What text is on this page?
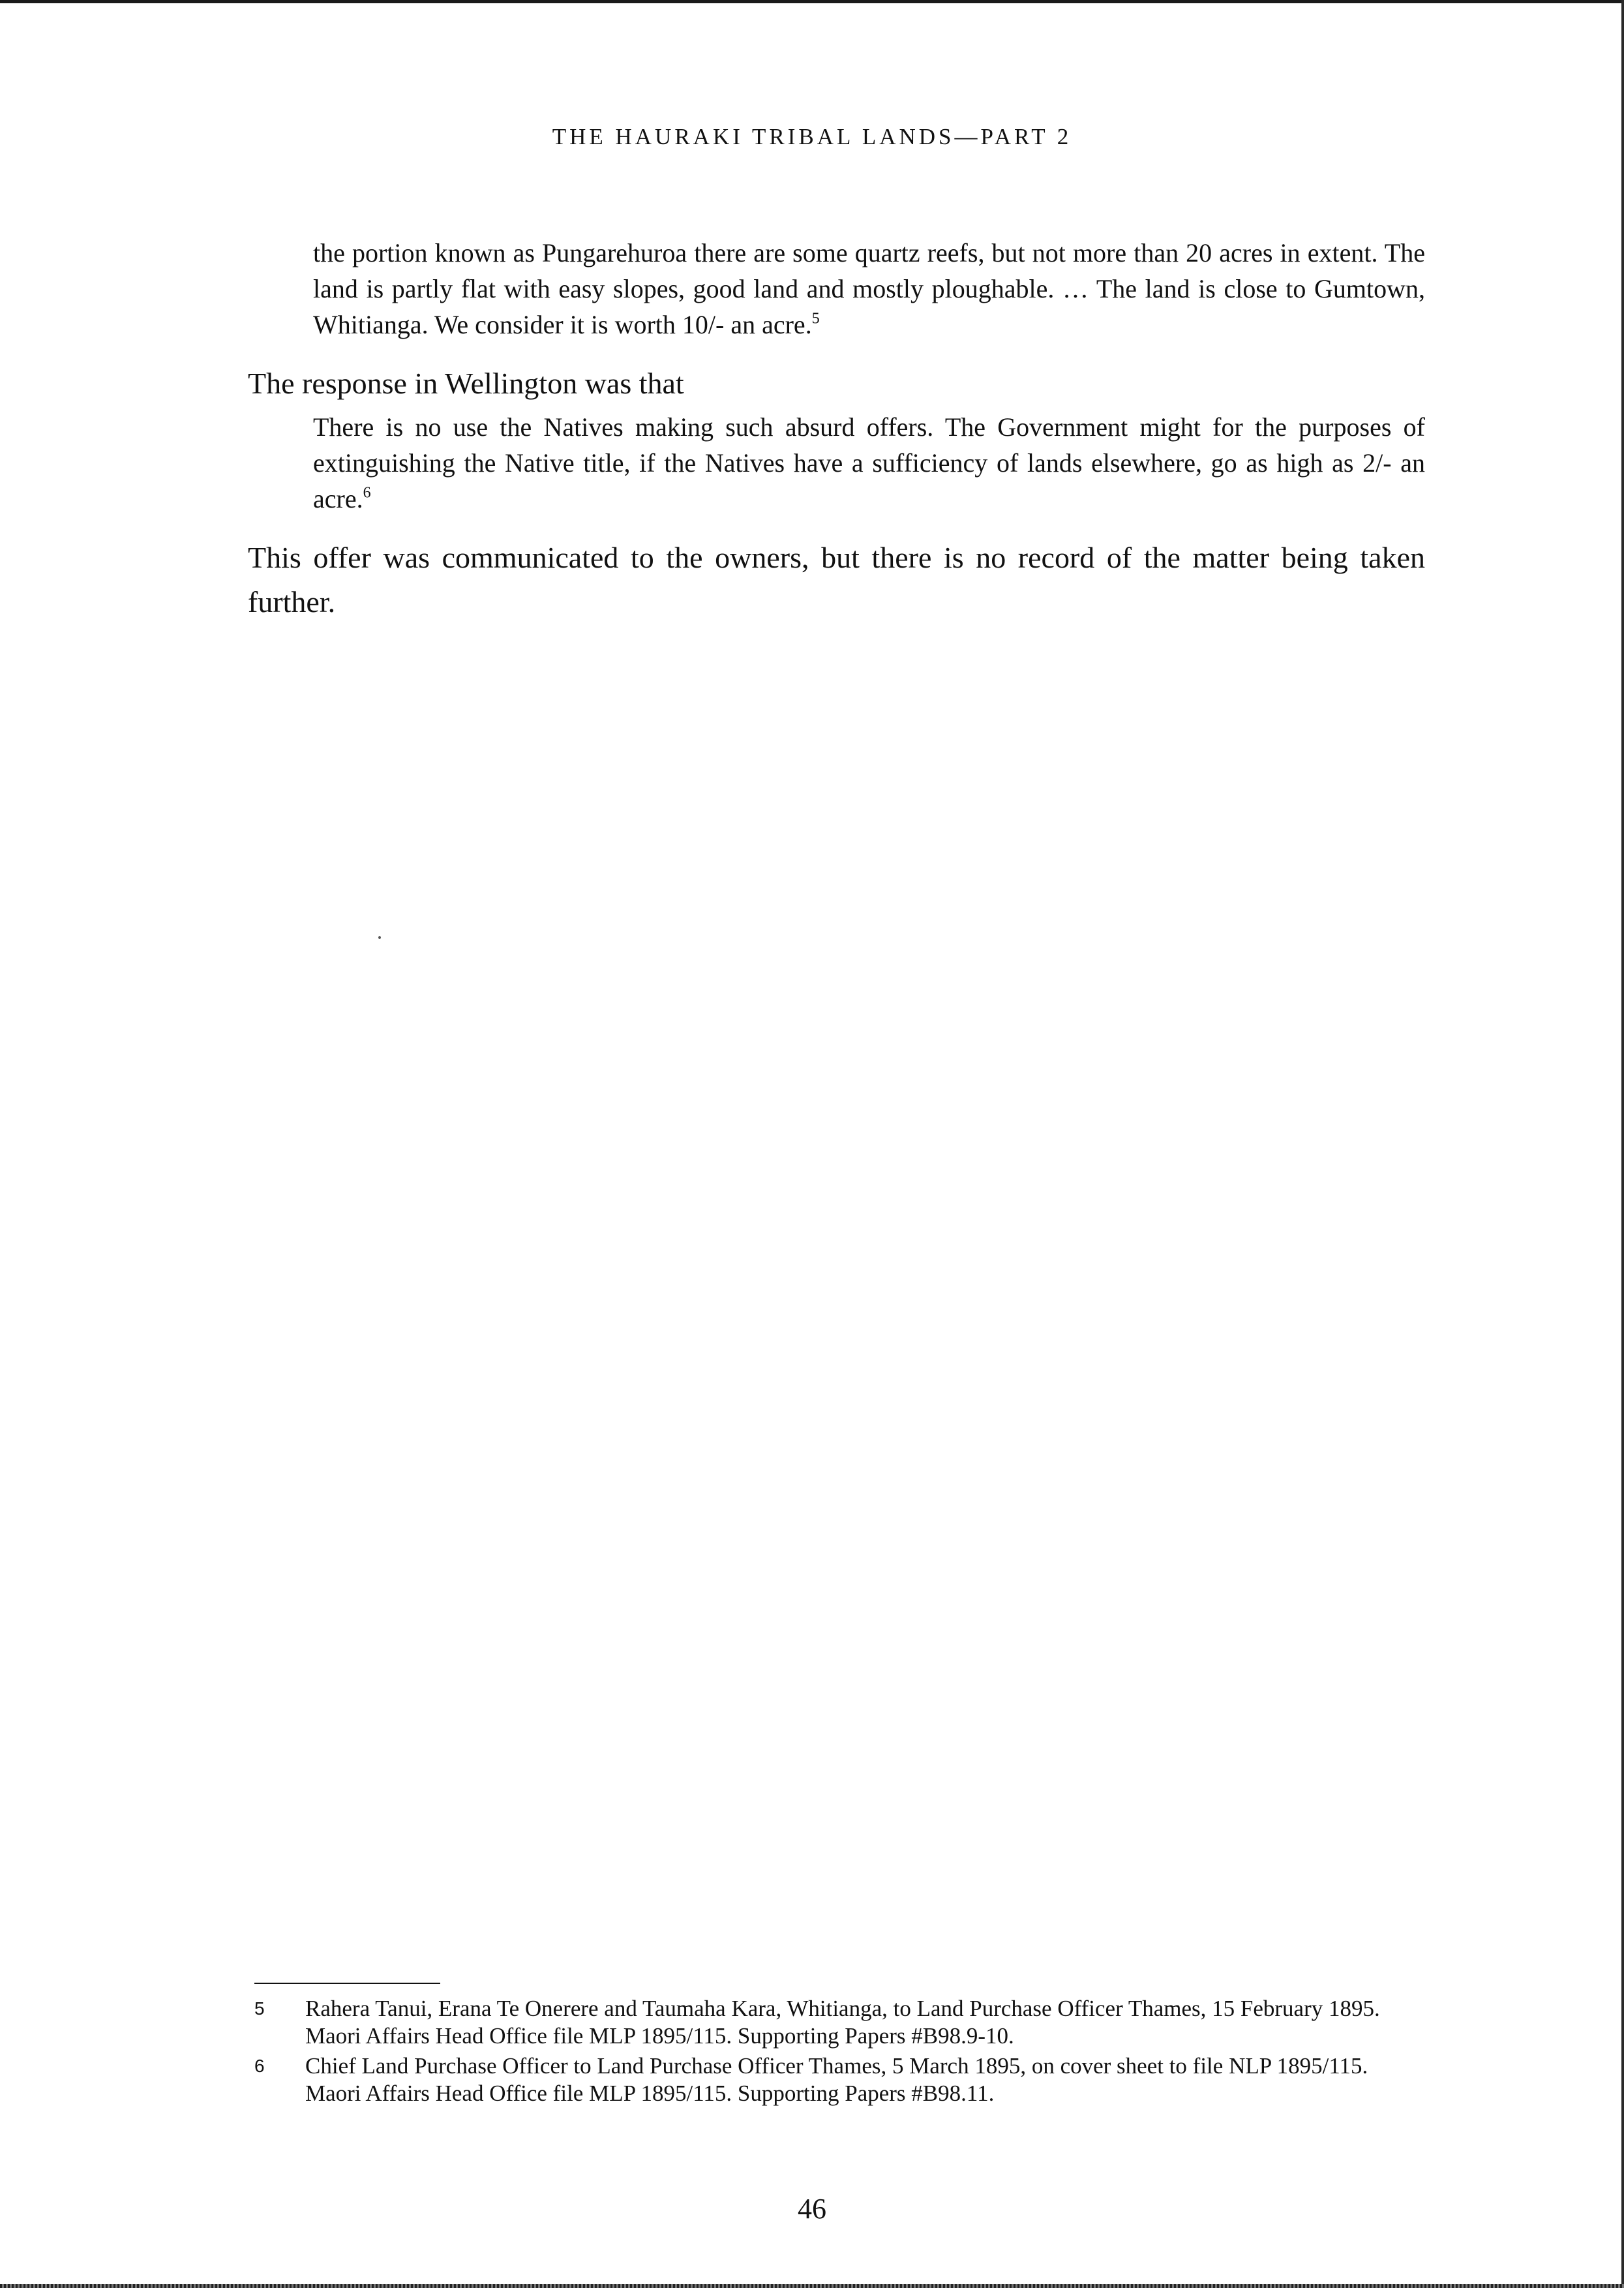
THE HAURAKI TRIBAL LANDS—PART 2

the portion known as Pungarehuroa there are some quartz reefs, but not more than 20 acres in extent. The land is partly flat with easy slopes, good land and mostly ploughable. … The land is close to Gumtown, Whitianga. We consider it is worth 10/- an acre.$^5$

The response in Wellington was that

There is no use the Natives making such absurd offers. The Government might for the purposes of extinguishing the Native title, if the Natives have a sufficiency of lands elsewhere, go as high as 2/- an acre.$^6$

This offer was communicated to the owners, but there is no record of the matter being taken further.

5 Rahera Tanui, Erana Te Onerere and Taumaha Kara, Whitianga, to Land Purchase Officer Thames, 15 February 1895. Maori Affairs Head Office file MLP 1895/115. Supporting Papers #B98.9-10.
6 Chief Land Purchase Officer to Land Purchase Officer Thames, 5 March 1895, on cover sheet to file NLP 1895/115. Maori Affairs Head Office file MLP 1895/115. Supporting Papers #B98.11.
46
